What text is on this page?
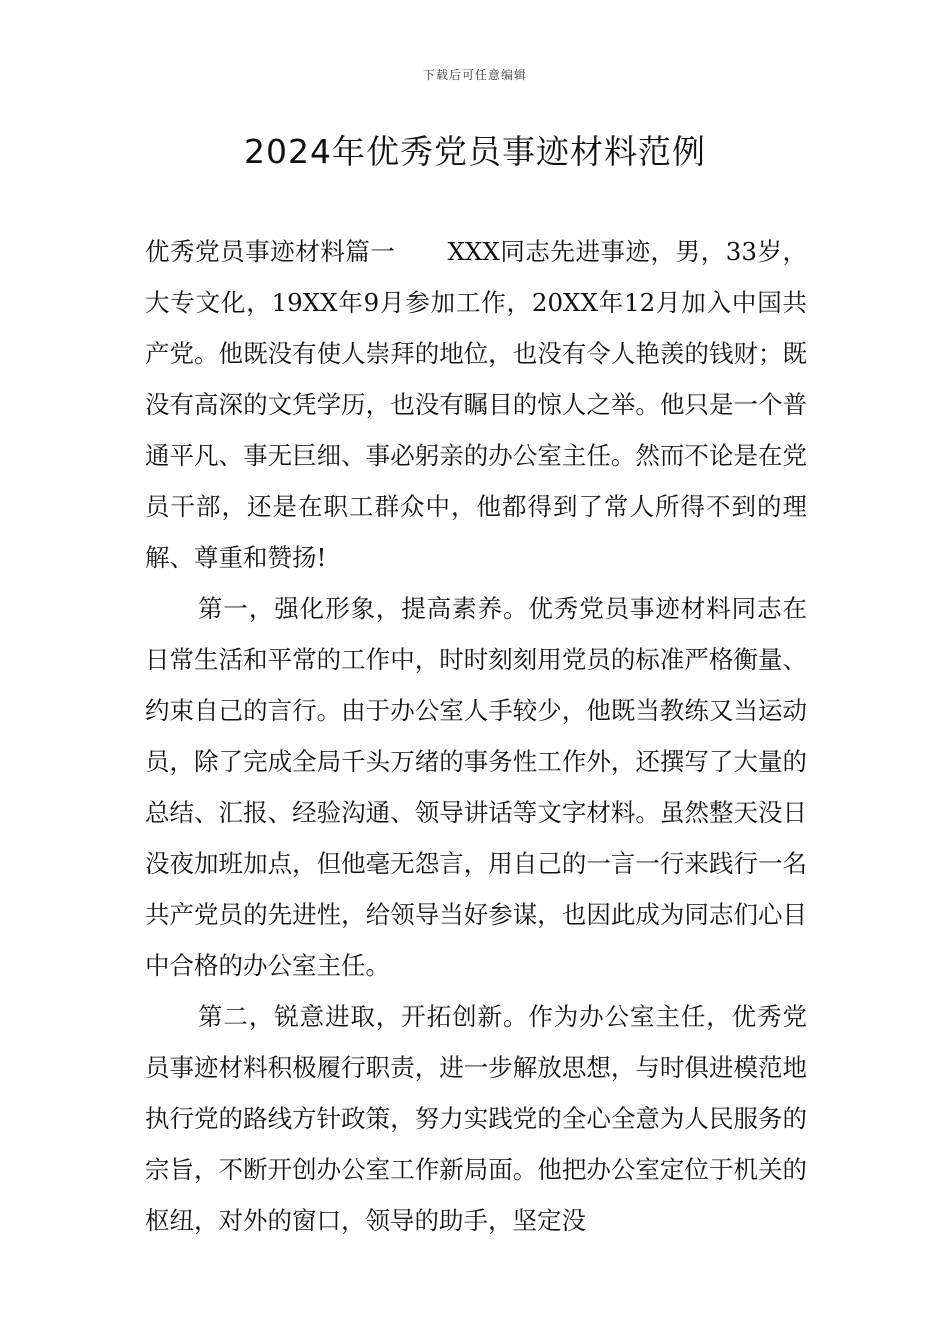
下载后可任意编辑
2024年优秀党员事迹材料范例

优秀党员事迹材料篇一 XXX同志先进事迹，男，33岁，大专文化，19XX年9月参加工作，20XX年12月加入中国共产党。他既没有使人崇拜的地位，也没有令人艳羡的钱财；既没有高深的文凭学历，也没有瞩目的惊人之举。他只是一个普通平凡、事无巨细、事必躬亲的办公室主任。然而不论是在党员干部，还是在职工群众中，他都得到了常人所得不到的理解、尊重和赞扬!

第一，强化形象，提高素养。优秀党员事迹材料同志在日常生活和平常的工作中，时时刻刻用党员的标准严格衡量、约束自己的言行。由于办公室人手较少，他既当教练又当运动员，除了完成全局千头万绪的事务性工作外，还撰写了大量的总结、汇报、经验沟通、领导讲话等文字材料。虽然整天没日没夜加班加点，但他毫无怨言，用自己的一言一行来践行一名共产党员的先进性，给领导当好参谋，也因此成为同志们心目中合格的办公室主任。

第二，锐意进取，开拓创新。作为办公室主任，优秀党员事迹材料积极履行职责，进一步解放思想，与时俱进模范地执行党的路线方针政策，努力实践党的全心全意为人民服务的宗旨，不断开创办公室工作新局面。他把办公室定位于机关的枢纽，对外的窗口，领导的助手，坚定没
